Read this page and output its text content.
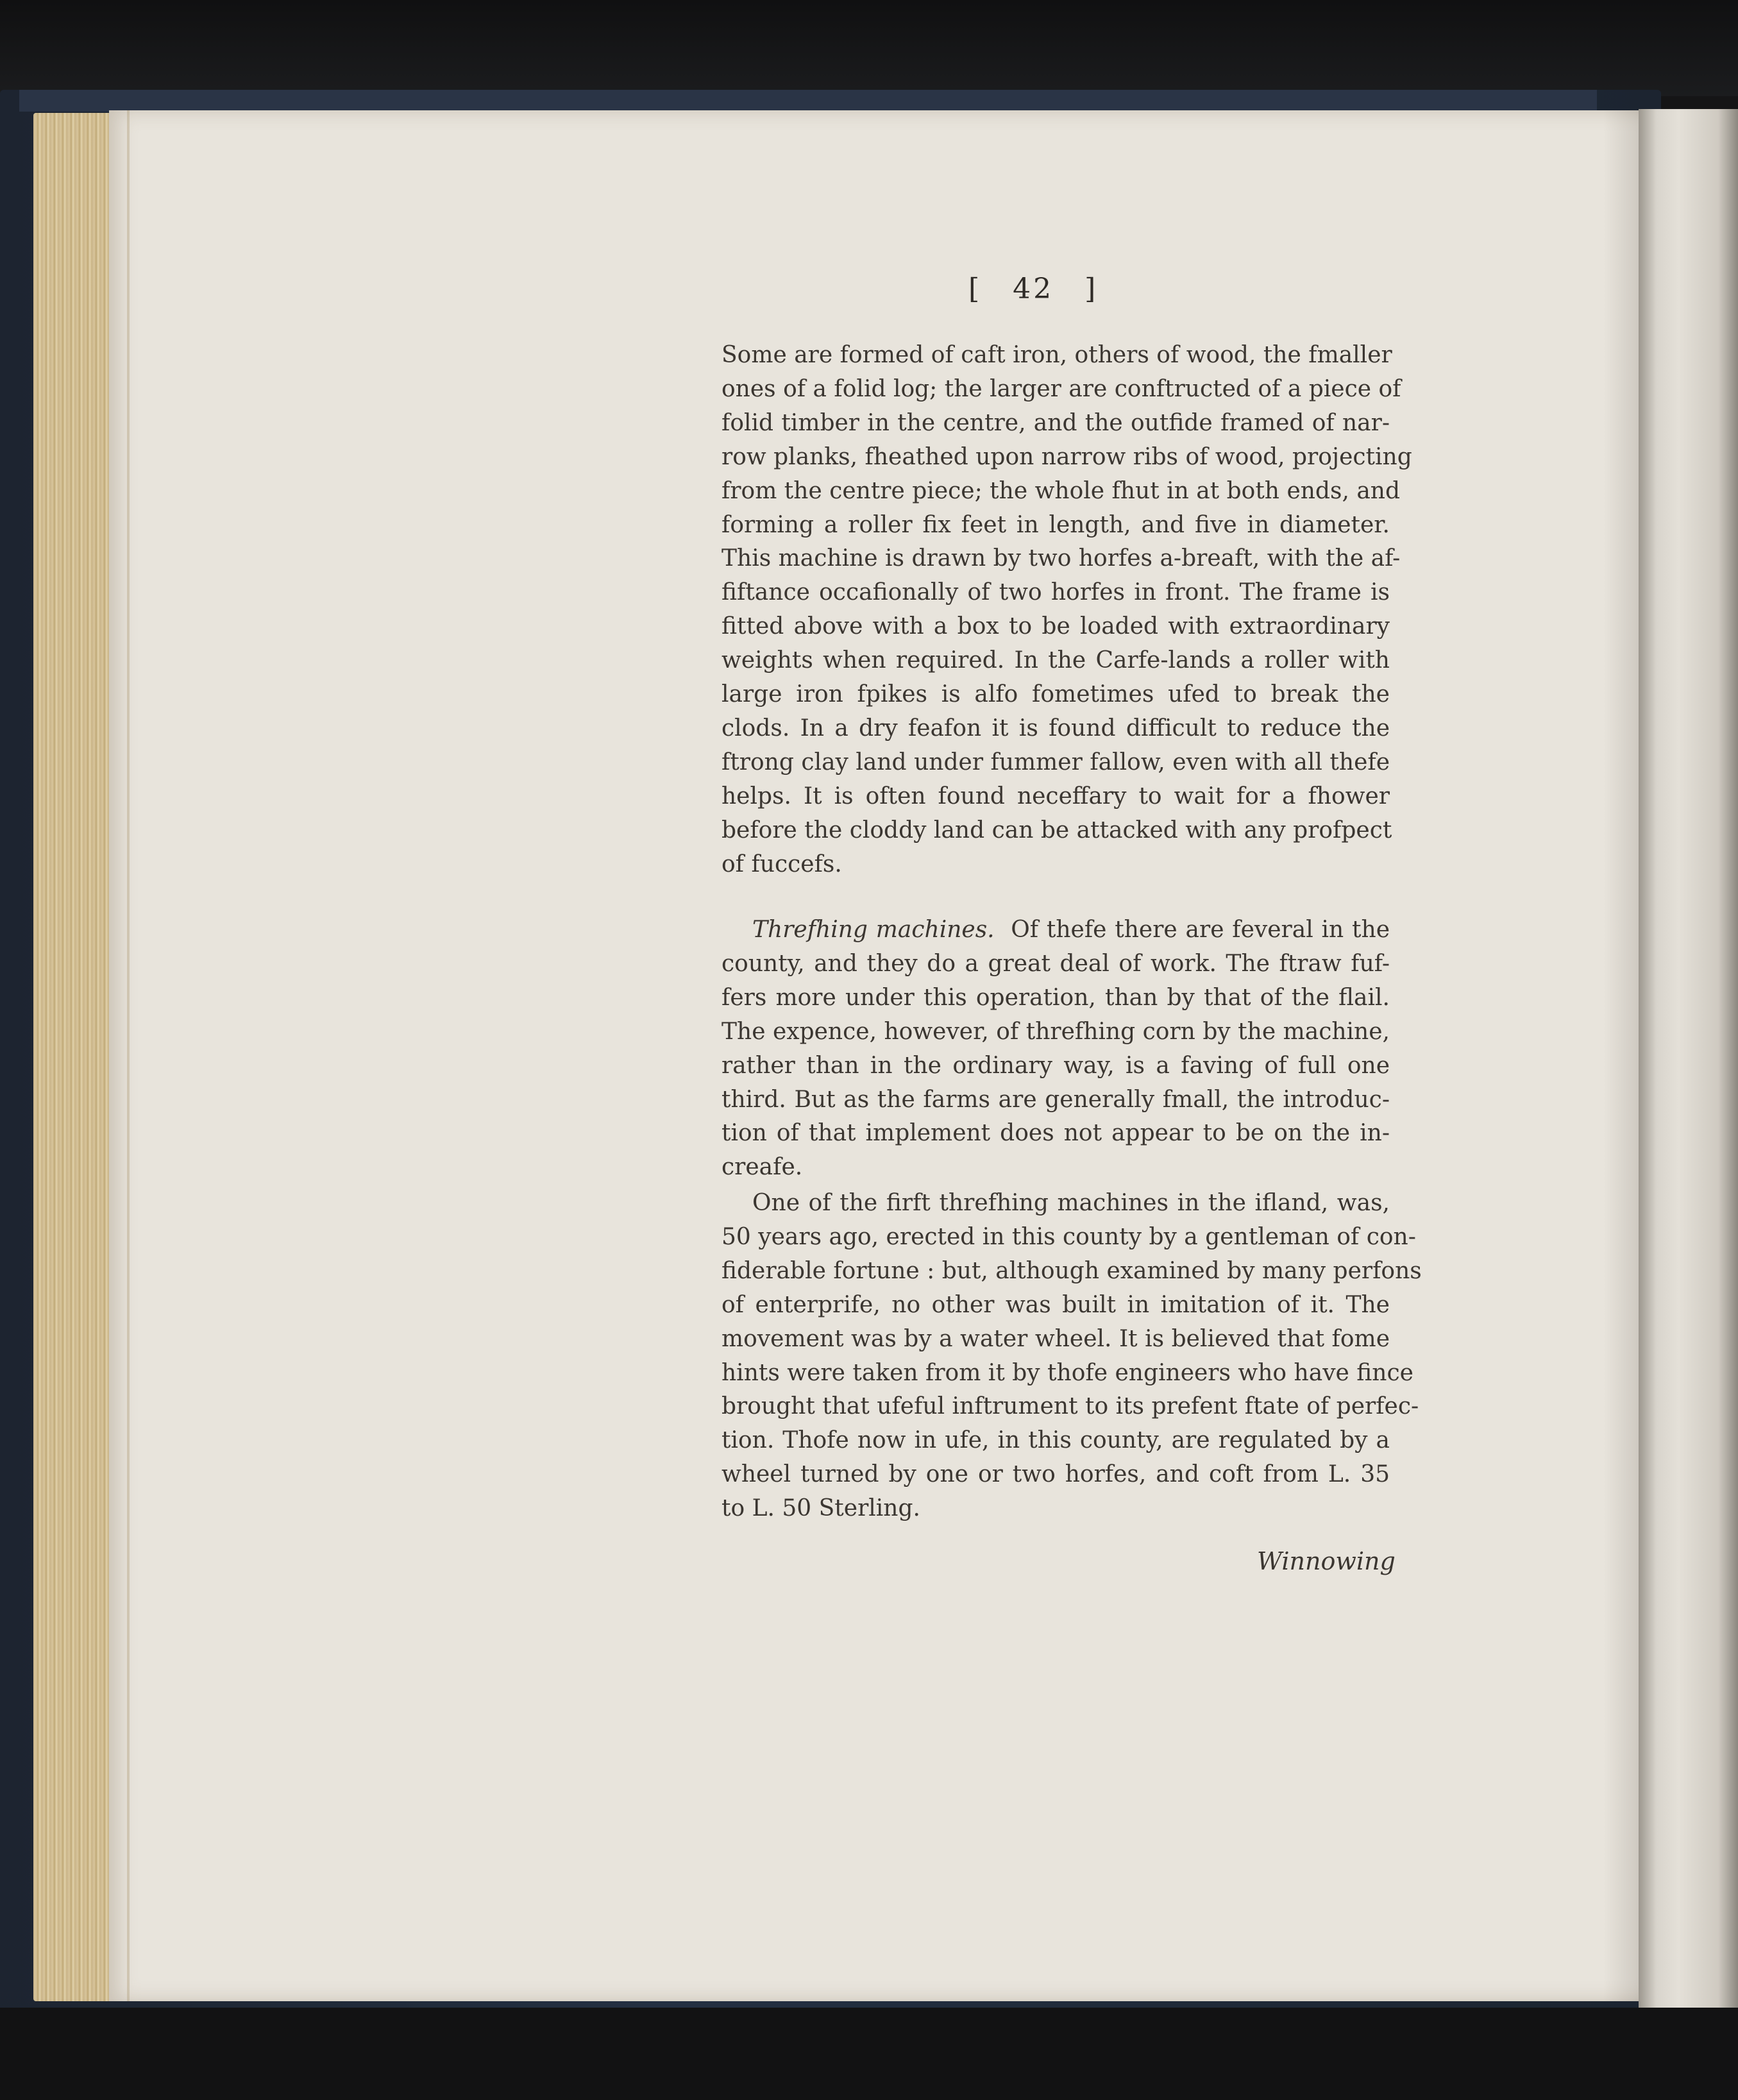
[ 42 ]
Some are formed of caft iron, others of wood, the fmaller
ones of a folid log; the larger are conftructed of a piece of
folid timber in the centre, and the outfide framed of nar-
row planks, fheathed upon narrow ribs of wood, projecting
from the centre piece; the whole fhut in at both ends, and
forming a roller fix feet in length, and five in diameter.
This machine is drawn by two horfes a-breaft, with the af-
fiftance occafionally of two horfes in front. The frame is
fitted above with a box to be loaded with extraordinary
weights when required. In the Carfe-lands a roller with
large iron fpikes is alfo fometimes ufed to break the
clods. In a dry feafon it is found difficult to reduce the
ftrong clay land under fummer fallow, even with all thefe
helps. It is often found neceffary to wait for a fhower
before the cloddy land can be attacked with any profpect
of fuccefs.
Threfhing machines. Of thefe there are feveral in the
county, and they do a great deal of work. The ftraw fuf-
fers more under this operation, than by that of the flail.
The expence, however, of threfhing corn by the machine,
rather than in the ordinary way, is a faving of full one
third. But as the farms are generally fmall, the introduc-
tion of that implement does not appear to be on the in-
creafe.
One of the firft threfhing machines in the ifland, was,
50 years ago, erected in this county by a gentleman of con-
fiderable fortune : but, although examined by many perfons
of enterprife, no other was built in imitation of it. The
movement was by a water wheel. It is believed that fome
hints were taken from it by thofe engineers who have fince
brought that ufeful inftrument to its prefent ftate of perfec-
tion. Thofe now in ufe, in this county, are regulated by a
wheel turned by one or two horfes, and coft from L. 35
to L. 50 Sterling.
Winnowing
